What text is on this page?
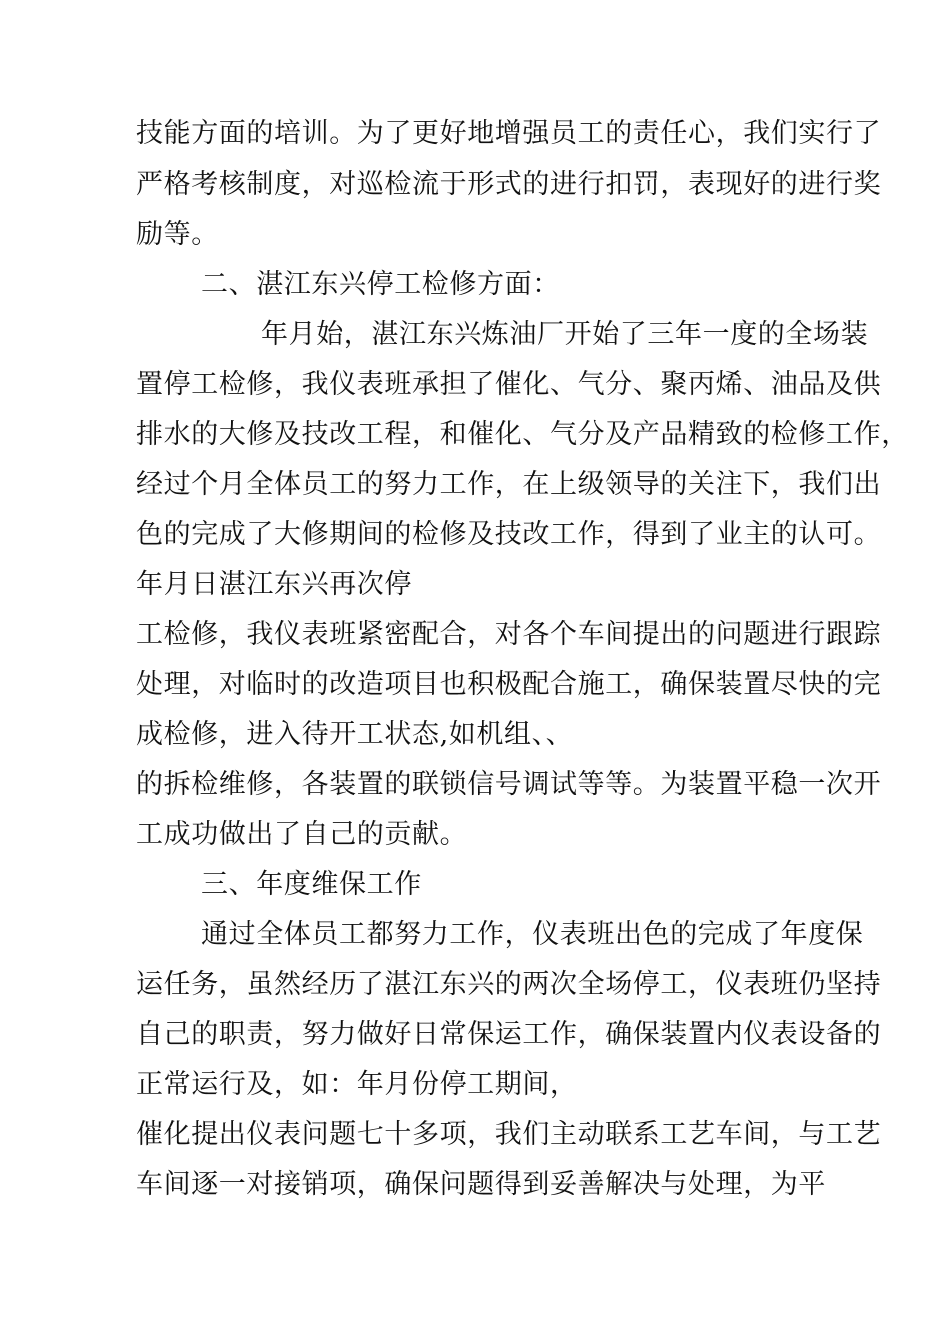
技能方面的培训。为了更好地增强员工的责任心，我们实行了
严格考核制度，对巡检流于形式的进行扣罚，表现好的进行奖
励等。
二、湛江东兴停工检修方面：
年月始，湛江东兴炼油厂开始了三年一度的全场装
置停工检修，我仪表班承担了催化、气分、聚丙烯、油品及供
排水的大修及技改工程，和催化、气分及产品精致的检修工作，
经过个月全体员工的努力工作，在上级领导的关注下，我们出
色的完成了大修期间的检修及技改工作，得到了业主的认可。
年月日湛江东兴再次停
工检修，我仪表班紧密配合，对各个车间提出的问题进行跟踪
处理，对临时的改造项目也积极配合施工，确保装置尽快的完
成检修，进入待开工状态,如机组、、
的拆检维修，各装置的联锁信号调试等等。为装置平稳一次开
工成功做出了自己的贡献。
三、年度维保工作
通过全体员工都努力工作，仪表班出色的完成了年度保
运任务，虽然经历了湛江东兴的两次全场停工，仪表班仍坚持
自己的职责，努力做好日常保运工作，确保装置内仪表设备的
正常运行及，如：年月份停工期间，
催化提出仪表问题七十多项，我们主动联系工艺车间，与工艺
车间逐一对接销项，确保问题得到妥善解决与处理，为平
